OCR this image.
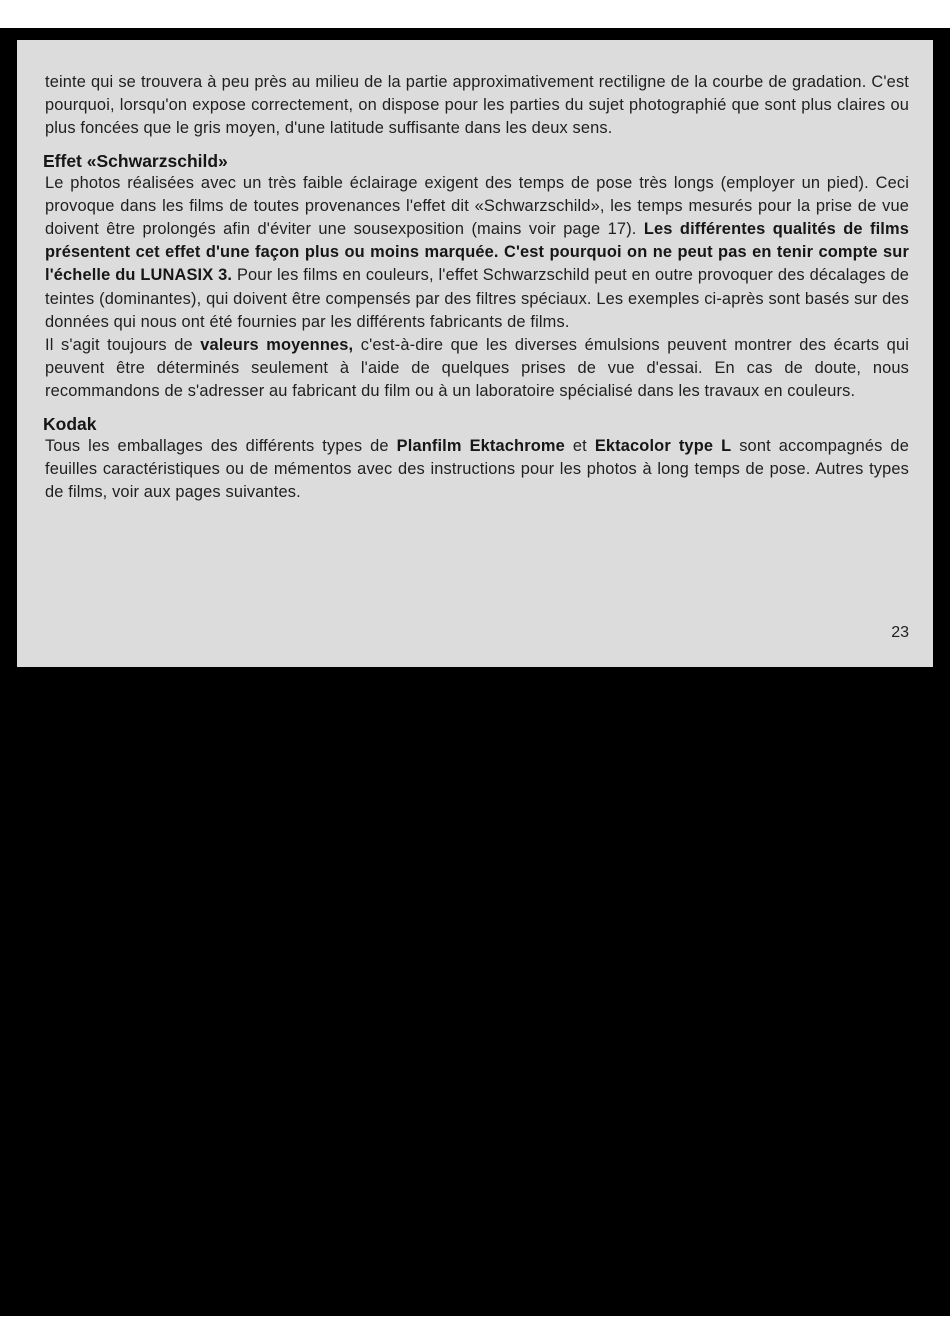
teinte qui se trouvera à peu près au milieu de la partie approximativement rectiligne de la courbe de gradation. C'est pourquoi, lorsqu'on expose correctement, on dispose pour les parties du sujet photographié que sont plus claires ou plus foncées que le gris moyen, d'une latitude suffisante dans les deux sens.

Effet «Schwarzschild»

Le photos réalisées avec un très faible éclairage exigent des temps de pose très longs (employer un pied). Ceci provoque dans les films de toutes provenances l'effet dit «Schwarzschild», les temps mesurés pour la prise de vue doivent être prolongés afin d'éviter une sousexposition (mains voir page 17). Les différentes qualités de films présentent cet effet d'une façon plus ou moins marquée. C'est pourquoi on ne peut pas en tenir compte sur l'échelle du LUNASIX 3. Pour les films en couleurs, l'effet Schwarzschild peut en outre provoquer des décalages de teintes (dominantes), qui doivent être compensés par des filtres spéciaux. Les exemples ci-après sont basés sur des données qui nous ont été fournies par les différents fabricants de films.

Il s'agit toujours de valeurs moyennes, c'est-à-dire que les diverses émulsions peuvent montrer des écarts qui peuvent être déterminés seulement à l'aide de quelques prises de vue d'essai. En cas de doute, nous recommandons de s'adresser au fabricant du film ou à un laboratoire spécialisé dans les travaux en couleurs.

Kodak

Tous les emballages des différents types de Planfilm Ektachrome et Ektacolor type L sont accompagnés de feuilles caractéristiques ou de mémentos avec des instructions pour les photos à long temps de pose. Autres types de films, voir aux pages suivantes.

23
